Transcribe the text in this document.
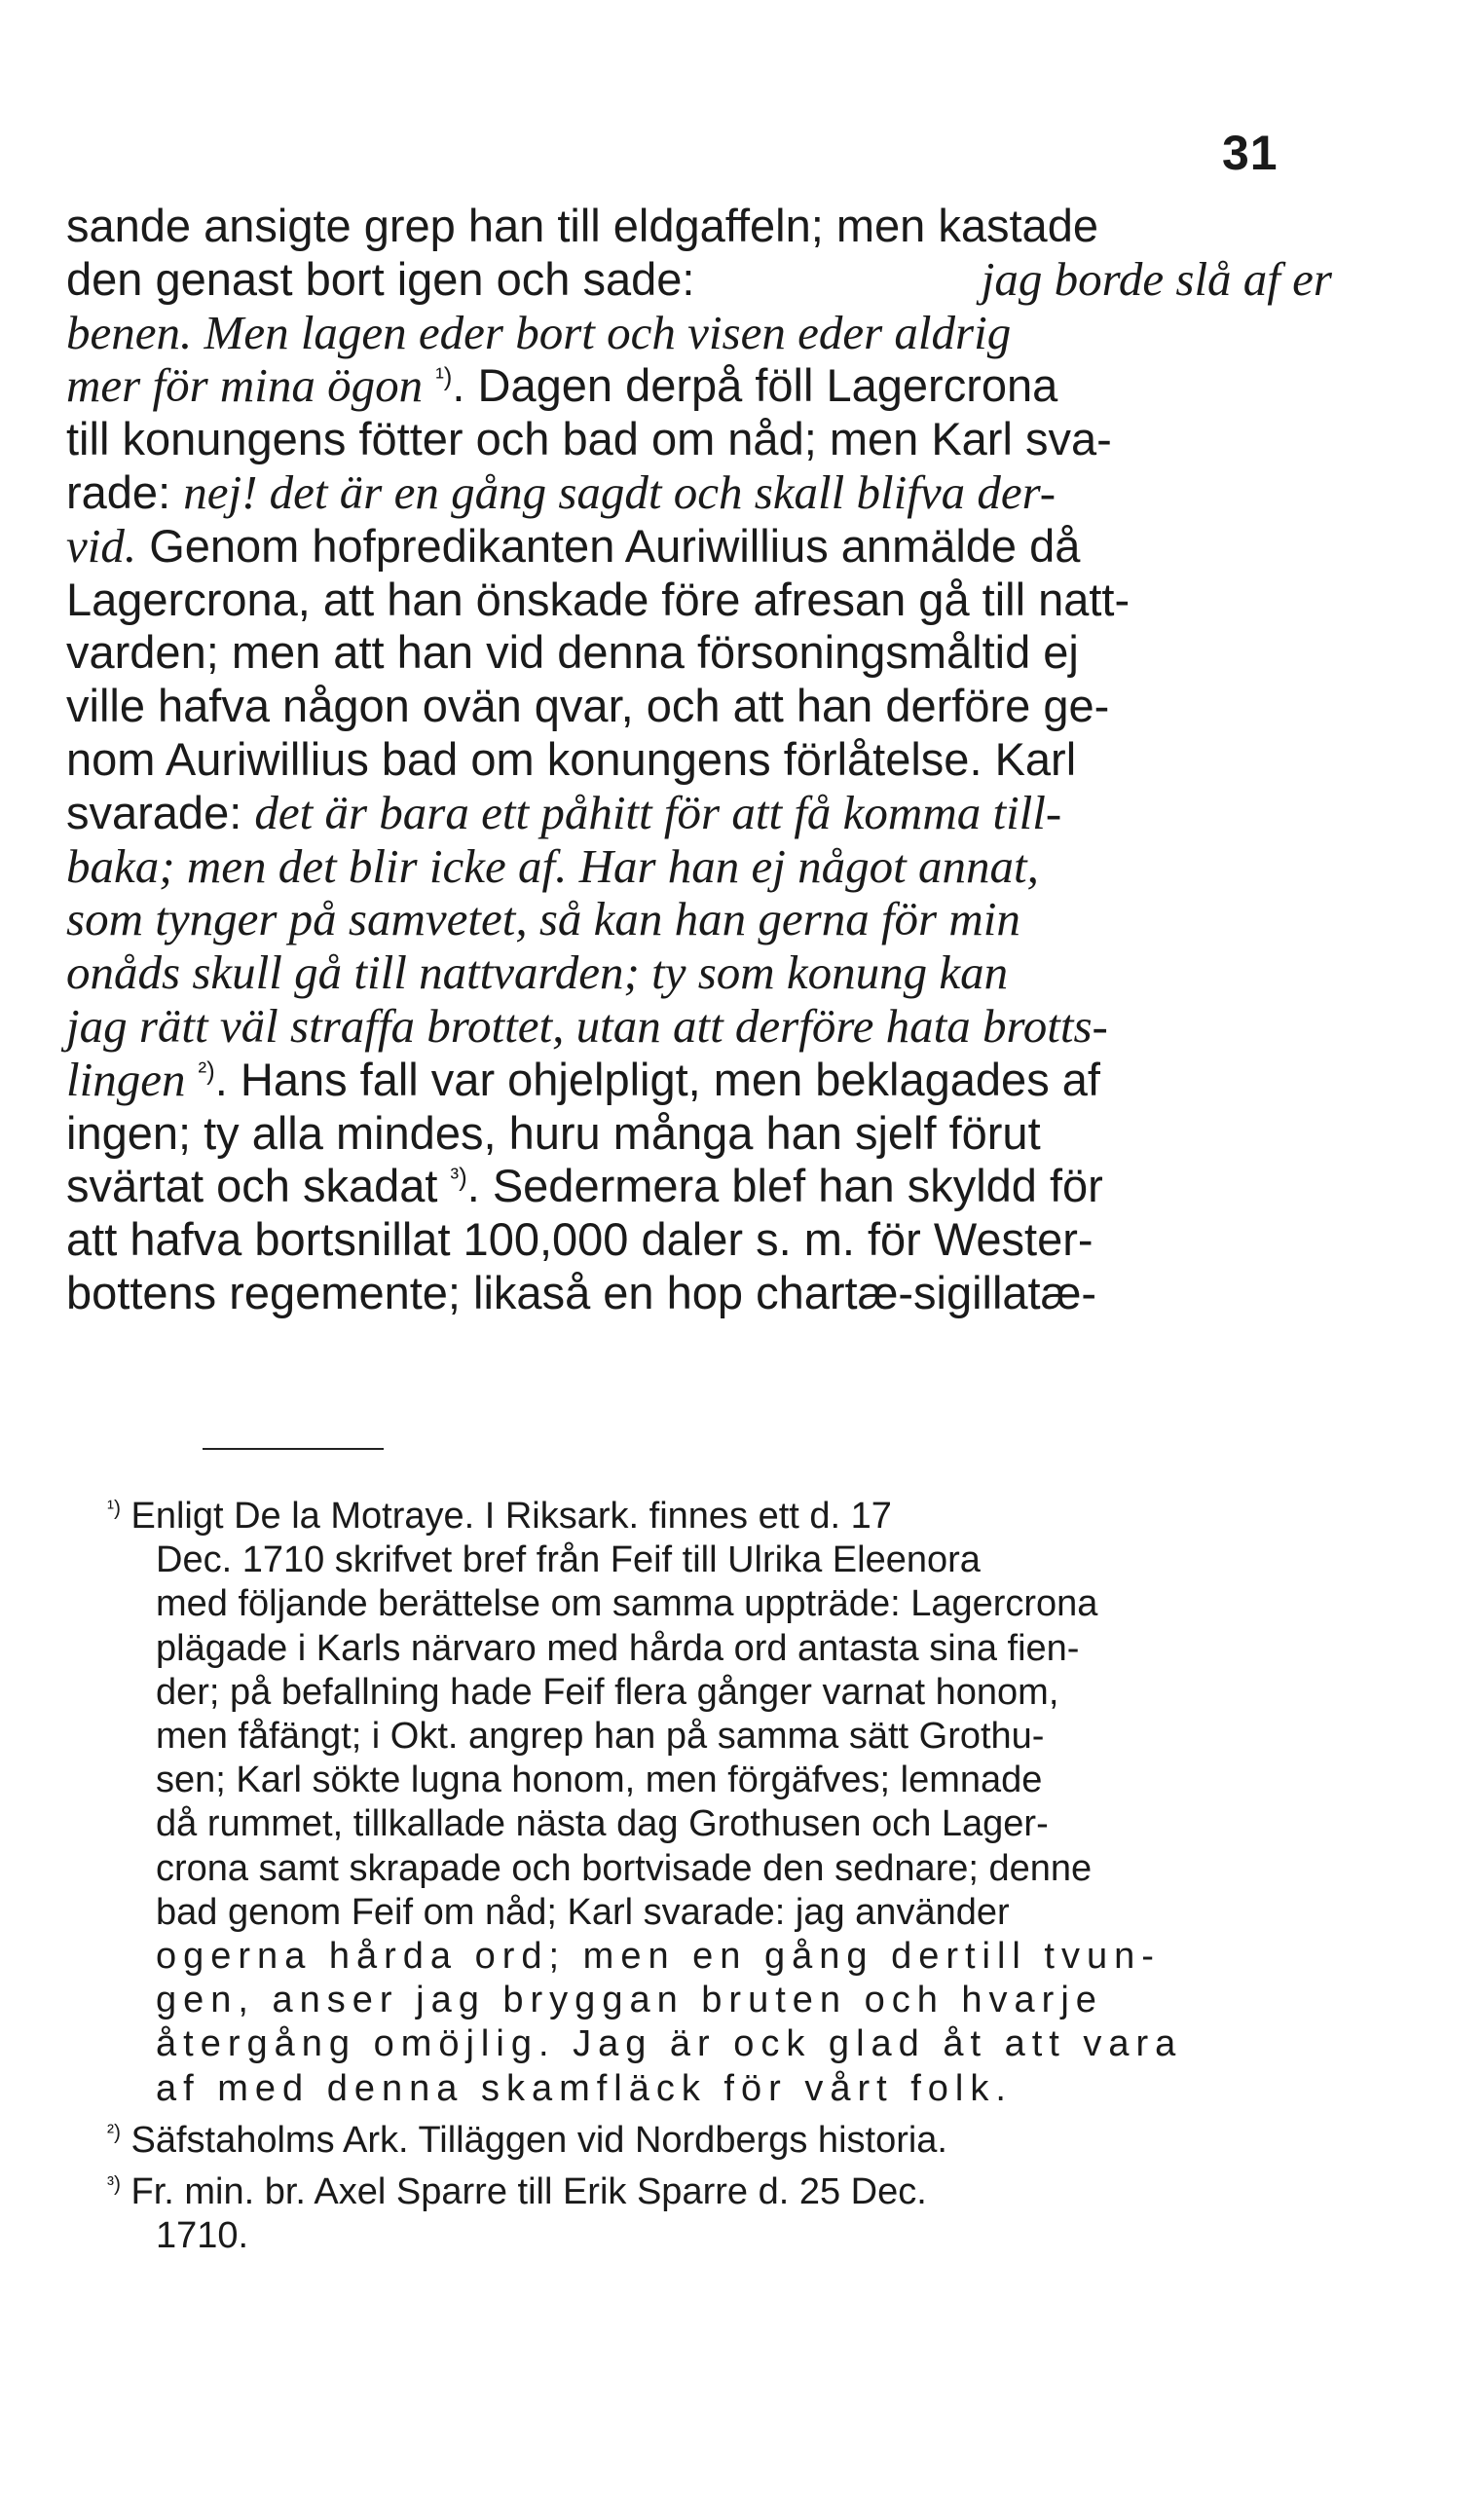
31
sande ansigte grep han till eldgaffeln; men kastade
den genast bort igen och sade:	jag borde slå af er
benen. Men lagen eder bort och visen eder aldrig
mer för mina ögon $^{^1)}$. Dagen derpå föll Lagercrona
till konungens fötter och bad om nåd; men Karl sva-
rade: nej! det är en gång sagdt och skall blifva der-
vid. Genom hofpredikanten Auriwillius anmälde då
Lagercrona, att han önskade före afresan gå till natt-
varden; men att han vid denna försoningsmåltid ej
ville hafva någon ovän qvar, och att han derföre ge-
nom Auriwillius bad om konungens förlåtelse. Karl
svarade: det är bara ett påhitt för att få komma till-
baka; men det blir icke af. Har han ej något annat,
som tynger på samvetet, så kan han gerna för min
onåds skull gå till nattvarden; ty som konung kan
jag rätt väl straffa brottet, utan att derföre hata brotts-
lingen $^{^2)}$. Hans fall var ohjelpligt, men beklagades af
ingen; ty alla mindes, huru många han sjelf förut
svärtat och skadat $^{^3)}$. Sedermera blef han skyldd för
att hafva bortsnillat 100,000 daler s. m. för Wester-
bottens regemente; likaså en hop chartæ-sigillatæ-
$^{^1)}$ Enligt De la Motraye. I Riksark. finnes ett d. 17
Dec. 1710 skrifvet bref från Feif till Ulrika Eleenora
med följande berättelse om samma uppträde: Lagercrona
plägade i Karls närvaro med hårda ord antasta sina fien-
der; på befallning hade Feif flera gånger varnat honom,
men fåfängt; i Okt. angrep han på samma sätt Grothu-
sen; Karl sökte lugna honom, men förgäfves; lemnade
då rummet, tillkallade nästa dag Grothusen och Lager-
crona samt skrapade och bortvisade den sednare; denne
bad genom Feif om nåd; Karl svarade: jag använder
ogerna hårda ord; men en gång dertill tvun-
gen, anser jag bryggan bruten och hvarje
återgång omöjlig. Jag är ock glad åt att vara
af med denna skamfläck för vårt folk.
$^{^2)}$ Säfstaholms Ark. Tilläggen vid Nordbergs historia.
$^{^3)}$ Fr. min. br. Axel Sparre till Erik Sparre d. 25 Dec.
1710.
